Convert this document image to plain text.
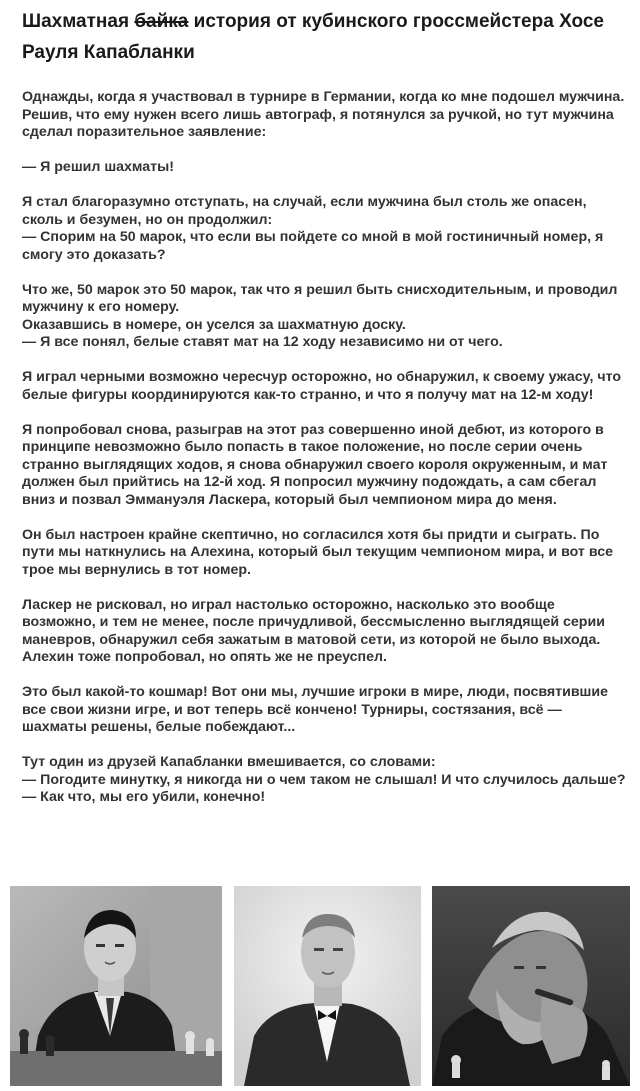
Шахматная байка история от кубинского гроссмейстера Хосе Рауля Капабланки

Однажды, когда я участвовал в турнире в Германии, когда ко мне подошел мужчина. Решив, что ему нужен всего лишь автограф, я потянулся за ручкой, но тут мужчина сделал поразительное заявление:

— Я решил шахматы!

Я стал благоразумно отступать, на случай, если мужчина был столь же опасен, сколь и безумен, но он продолжил:
— Спорим на 50 марок, что если вы пойдете со мной в мой гостиничный номер, я смогу это доказать?

Что же, 50 марок это 50 марок, так что я решил быть снисходительным, и проводил мужчину к его номеру.
Оказавшись в номере, он уселся за шахматную доску.
— Я все понял, белые ставят мат на 12 ходу независимо ни от чего.

Я играл черными возможно чересчур осторожно, но обнаружил, к своему ужасу, что белые фигуры координируются как-то странно, и что я получу мат на 12-м ходу!

Я попробовал снова, разыграв на этот раз совершенно иной дебют, из которого в принципе невозможно было попасть в такое положение, но после серии очень странно выглядящих ходов, я снова обнаружил своего короля окруженным, и мат должен был прийтись на 12-й ход. Я попросил мужчину подождать, а сам сбегал вниз и позвал Эммануэля Ласкера, который был чемпионом мира до меня.

Он был настроен крайне скептично, но согласился хотя бы придти и сыграть. По пути мы наткнулись на Алехина, который был текущим чемпионом мира, и вот все трое мы вернулись в тот номер.

Ласкер не рисковал, но играл настолько осторожно, насколько это вообще возможно, и тем не менее, после причудливой, бессмысленно выглядящей серии маневров, обнаружил себя зажатым в матовой сети, из которой не было выхода. Алехин тоже попробовал, но опять же не преуспел.

Это был какой-то кошмар! Вот они мы, лучшие игроки в мире, люди, посвятившие все свои жизни игре, и вот теперь всё кончено! Турниры, состязания, всё — шахматы решены, белые побеждают...

Тут один из друзей Капабланки вмешивается, со словами:
— Погодите минутку, я никогда ни о чем таком не слышал! И что случилось дальше?
— Как что, мы его убили, конечно!
